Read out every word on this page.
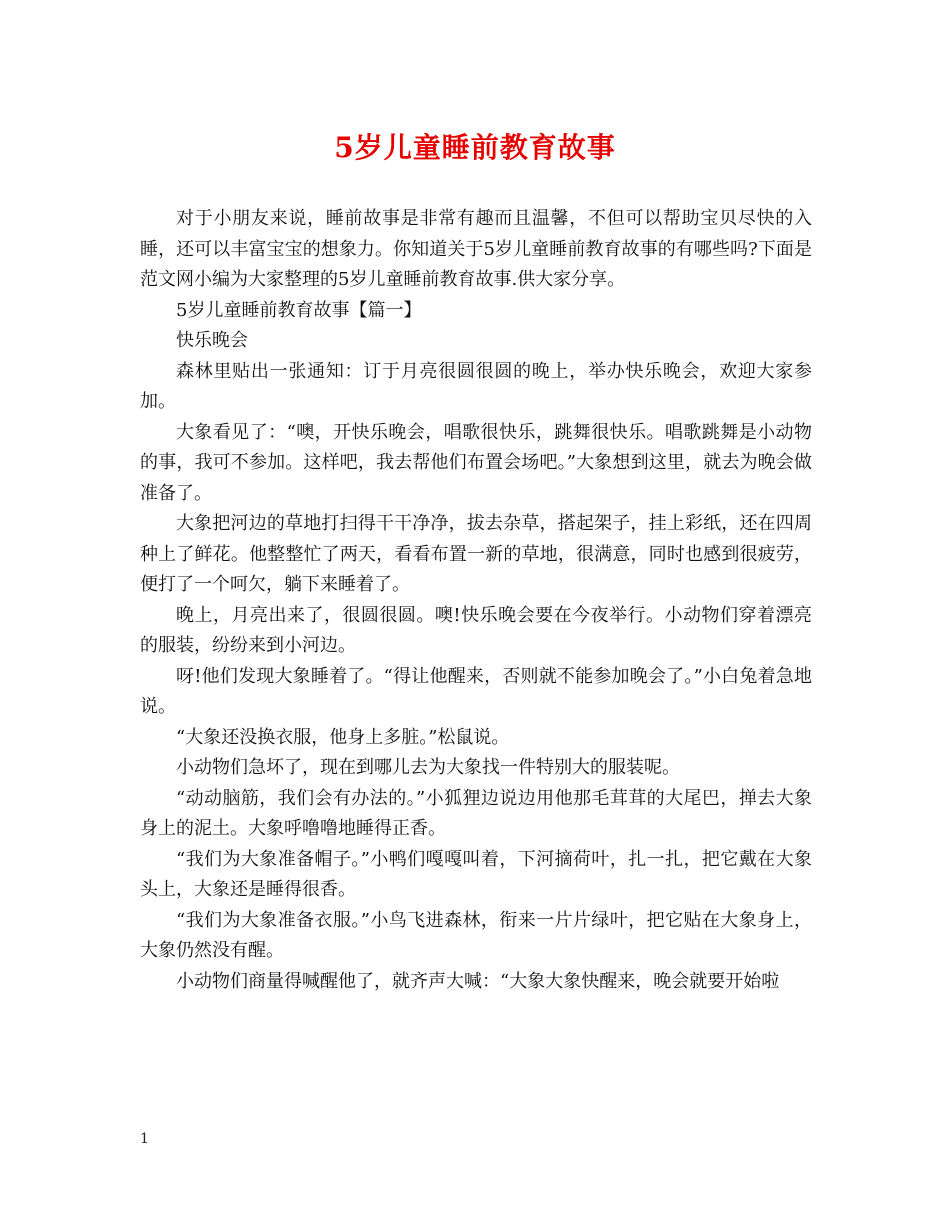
5岁儿童睡前教育故事

对于小朋友来说，睡前故事是非常有趣而且温馨，不但可以帮助宝贝尽快的入睡，还可以丰富宝宝的想象力。你知道关于5岁儿童睡前教育故事的有哪些吗?下面是范文网小编为大家整理的5岁儿童睡前教育故事.供大家分享。

5岁儿童睡前教育故事【篇一】

快乐晚会

森林里贴出一张通知：订于月亮很圆很圆的晚上，举办快乐晚会，欢迎大家参加。

大象看见了：“噢，开快乐晚会，唱歌很快乐，跳舞很快乐。唱歌跳舞是小动物的事，我可不参加。这样吧，我去帮他们布置会场吧。”大象想到这里，就去为晚会做准备了。

大象把河边的草地打扫得干干净净，拔去杂草，搭起架子，挂上彩纸，还在四周种上了鲜花。他整整忙了两天，看看布置一新的草地，很满意，同时也感到很疲劳，便打了一个呵欠，躺下来睡着了。

晚上，月亮出来了，很圆很圆。噢!快乐晚会要在今夜举行。小动物们穿着漂亮的服装，纷纷来到小河边。

呀!他们发现大象睡着了。“得让他醒来，否则就不能参加晚会了。”小白兔着急地说。

“大象还没换衣服，他身上多脏。”松鼠说。

小动物们急坏了，现在到哪儿去为大象找一件特别大的服装呢。

“动动脑筋，我们会有办法的。”小狐狸边说边用他那毛茸茸的大尾巴，掸去大象身上的泥土。大象呼噜噜地睡得正香。

“我们为大象准备帽子。”小鸭们嘎嘎叫着，下河摘荷叶，扎一扎，把它戴在大象头上，大象还是睡得很香。

“我们为大象准备衣服。”小鸟飞进森林，衔来一片片绿叶，把它贴在大象身上，大象仍然没有醒。

小动物们商量得喊醒他了，就齐声大喊：“大象大象快醒来，晚会就要开始啦

1
